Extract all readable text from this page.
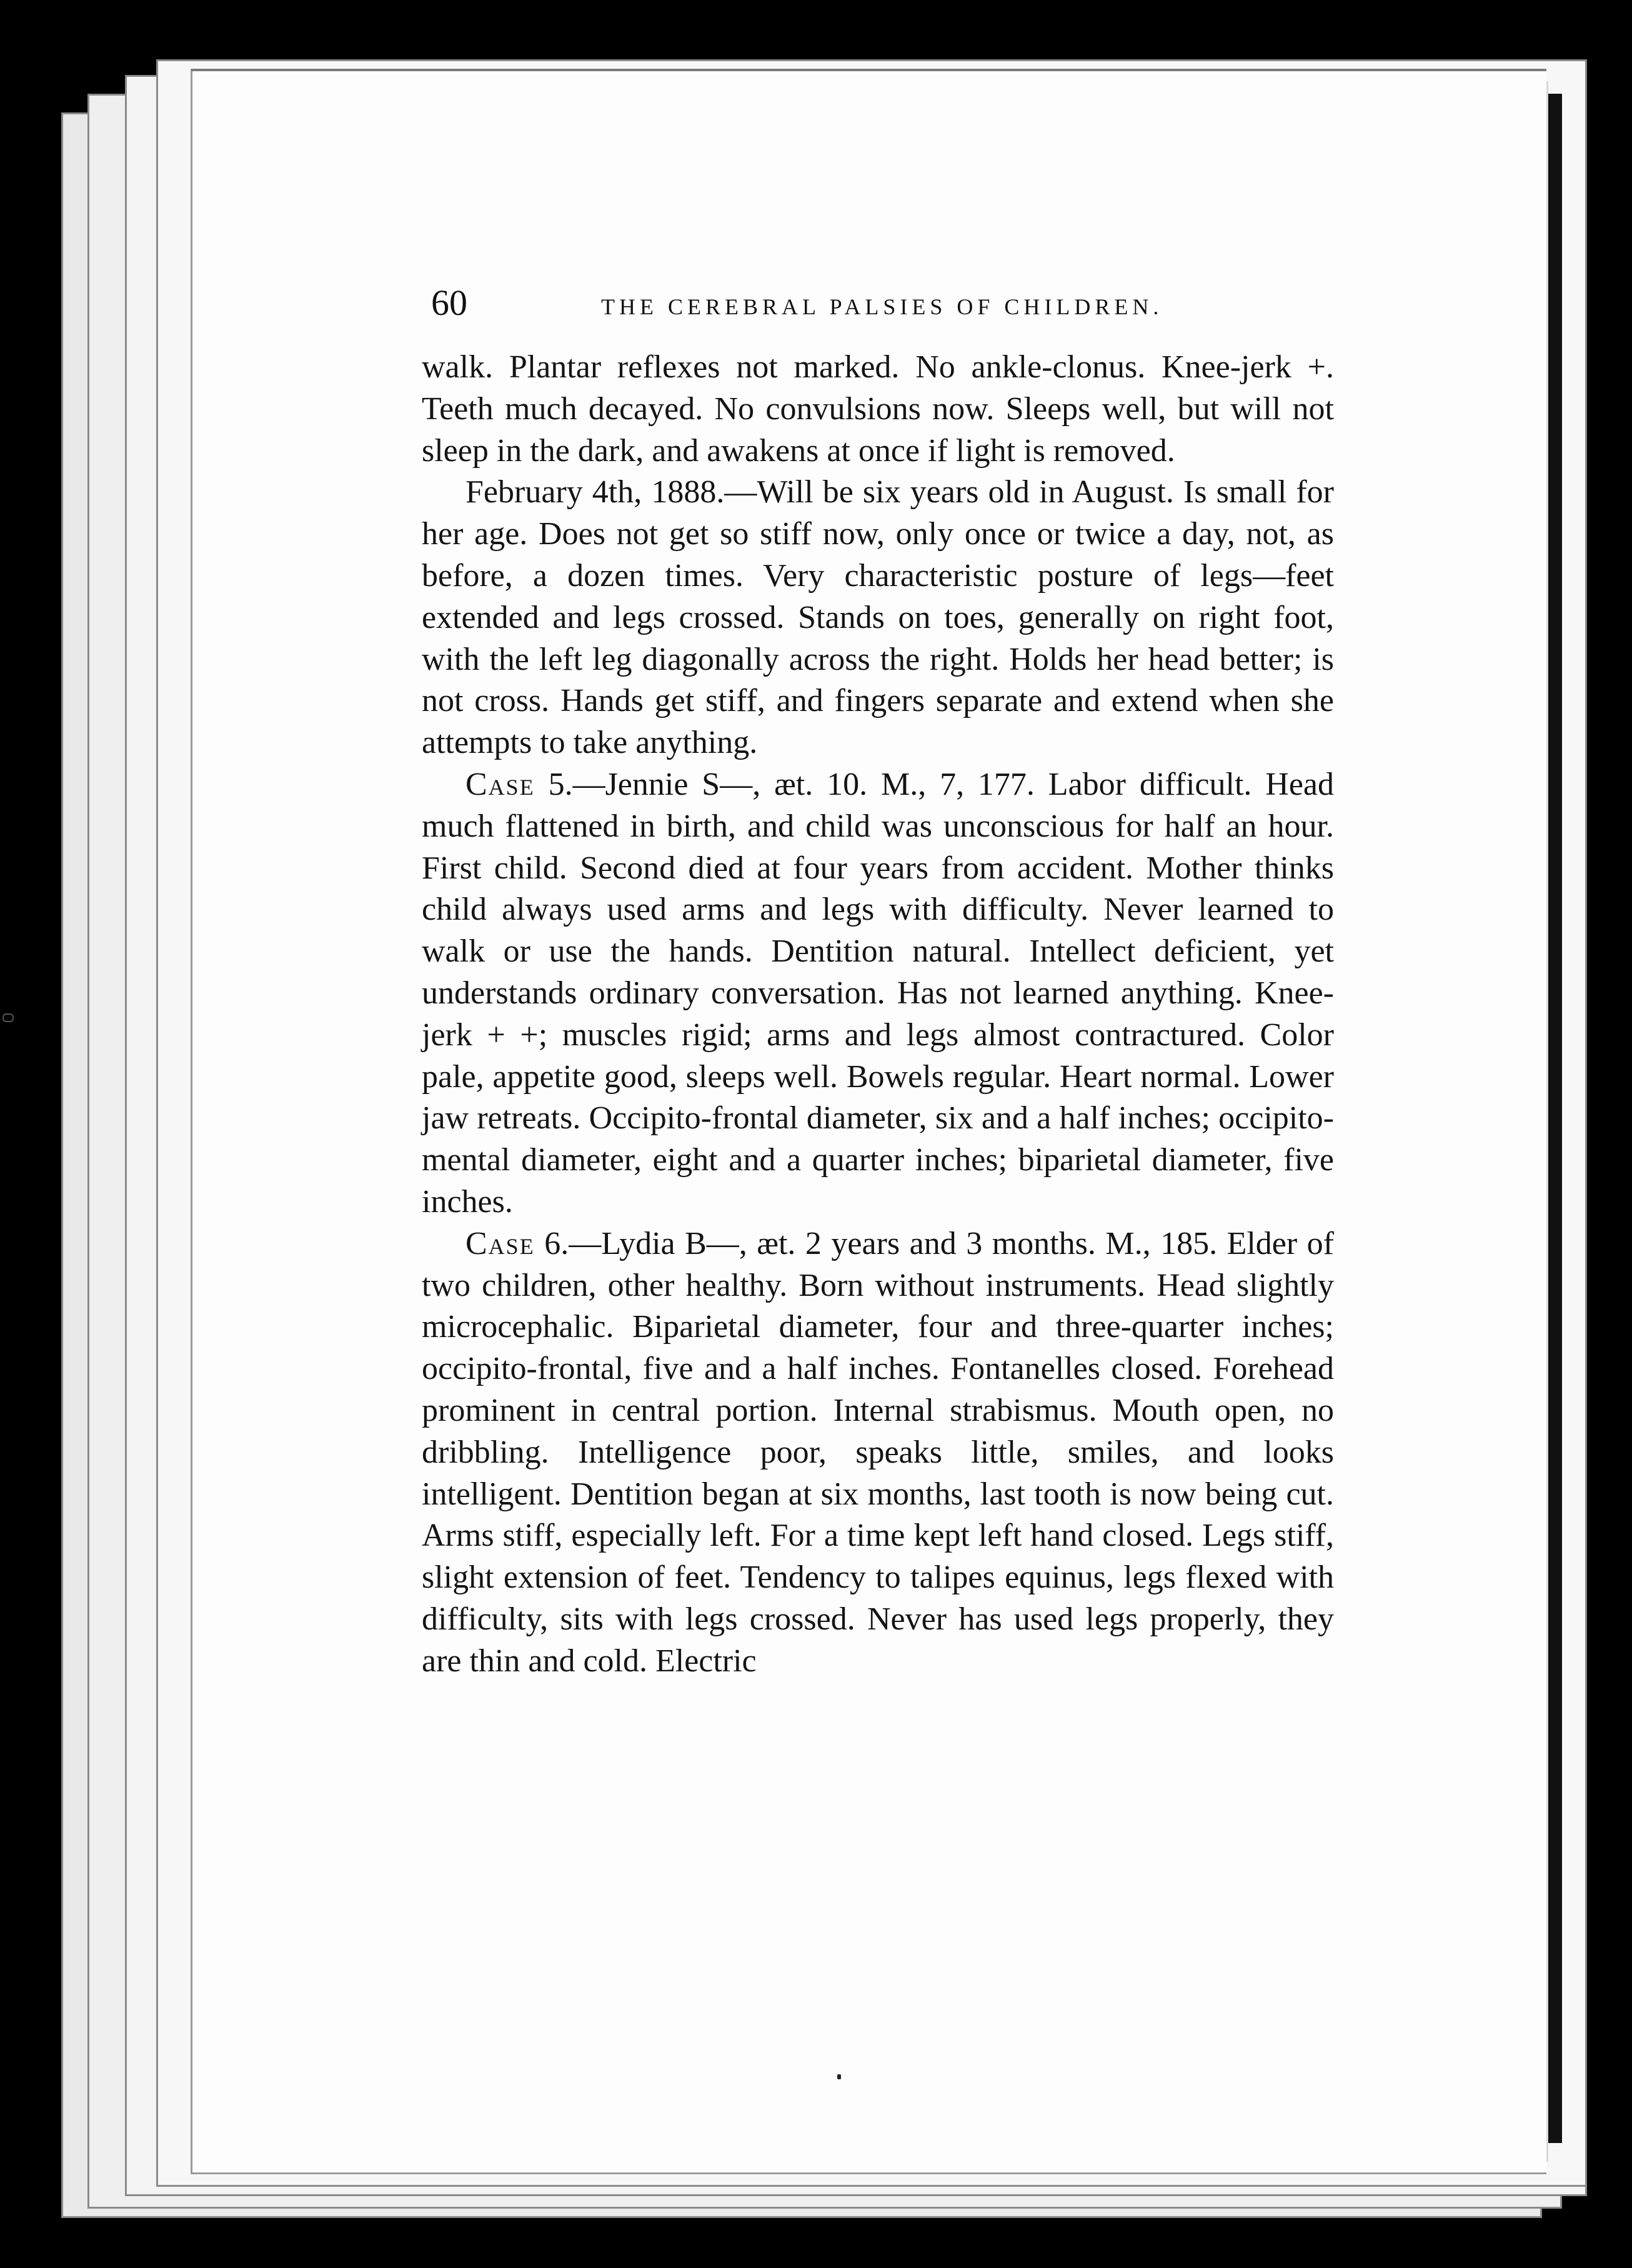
60	THE CEREBRAL PALSIES OF CHILDREN.

walk. Plantar reflexes not marked. No ankle-clonus. Knee-jerk +. Teeth much decayed. No convulsions now. Sleeps well, but will not sleep in the dark, and awakens at once if light is removed.

February 4th, 1888.—Will be six years old in August. Is small for her age. Does not get so stiff now, only once or twice a day, not, as before, a dozen times. Very characteristic posture of legs—feet extended and legs crossed. Stands on toes, generally on right foot, with the left leg diagonally across the right. Holds her head better; is not cross. Hands get stiff, and fingers separate and extend when she attempts to take anything.

Case 5.—Jennie S—, æt. 10. M., 7, 177. Labor difficult. Head much flattened in birth, and child was unconscious for half an hour. First child. Second died at four years from accident. Mother thinks child always used arms and legs with difficulty. Never learned to walk or use the hands. Dentition natural. Intellect deficient, yet understands ordinary conversation. Has not learned anything. Knee-jerk + +; muscles rigid; arms and legs almost contractured. Color pale, appetite good, sleeps well. Bowels regular. Heart normal. Lower jaw retreats. Occipito-frontal diameter, six and a half inches; occipito-mental diameter, eight and a quarter inches; biparietal diameter, five inches.

Case 6.—Lydia B—, æt. 2 years and 3 months. M., 185. Elder of two children, other healthy. Born without instruments. Head slightly microcephalic. Biparietal diameter, four and three-quarter inches; occipito-frontal, five and a half inches. Fontanelles closed. Forehead prominent in central portion. Internal strabismus. Mouth open, no dribbling. Intelligence poor, speaks little, smiles, and looks intelligent. Dentition began at six months, last tooth is now being cut. Arms stiff, especially left. For a time kept left hand closed. Legs stiff, slight extension of feet. Tendency to talipes equinus, legs flexed with difficulty, sits with legs crossed. Never has used legs properly, they are thin and cold. Electric
